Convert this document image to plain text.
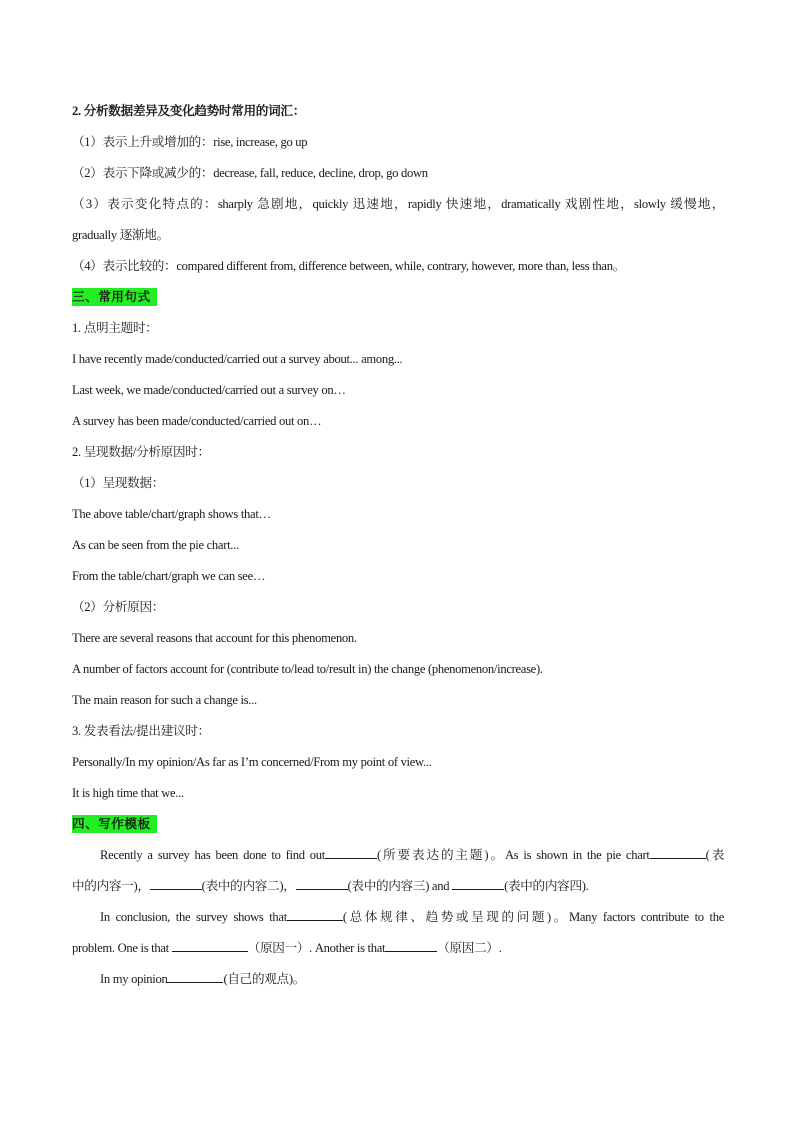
2. 分析数据差异及变化趋势时常用的词汇：
（1）表示上升或增加的：rise, increase, go up
（2）表示下降或减少的：decrease, fall, reduce, decline, drop, go down
（3）表示变化特点的：sharply 急剧地，quickly 迅速地，rapidly 快速地，dramatically 戏剧性地，slowly 缓慢地，
gradually 逐渐地。
（4）表示比较的：compared different from, difference between, while, contrary, however, more than, less than。
三、常用句式
1. 点明主题时：
I have recently made/conducted/carried out a survey about... among...
Last week, we made/conducted/carried out a survey on…
A survey has been made/conducted/carried out on…
2. 呈现数据/分析原因时：
（1）呈现数据：
The above table/chart/graph shows that…
As can be seen from the pie chart...
From the table/chart/graph we can see…
（2）分析原因：
There are several reasons that account for this phenomenon.
A number of factors account for (contribute to/lead to/result in) the change (phenomenon/increase).
The main reason for such a change is...
3. 发表看法/提出建议时：
Personally/In my opinion/As far as I’m concerned/From my point of view...
It is high time that we...
四、写作模板
Recently a survey has been done to find out	(所要表达的主题)。As is shown in the pie chart	(表
中的内容一)，	(表中的内容二)，	(表中的内容三) and	(表中的内容四).
In conclusion, the survey shows that	(总体规律、趋势或呈现的问题)。Many factors contribute to the
problem. One is that	（原因一）. Another is that	（原因二）.
In my opinion	(自己的观点)。
